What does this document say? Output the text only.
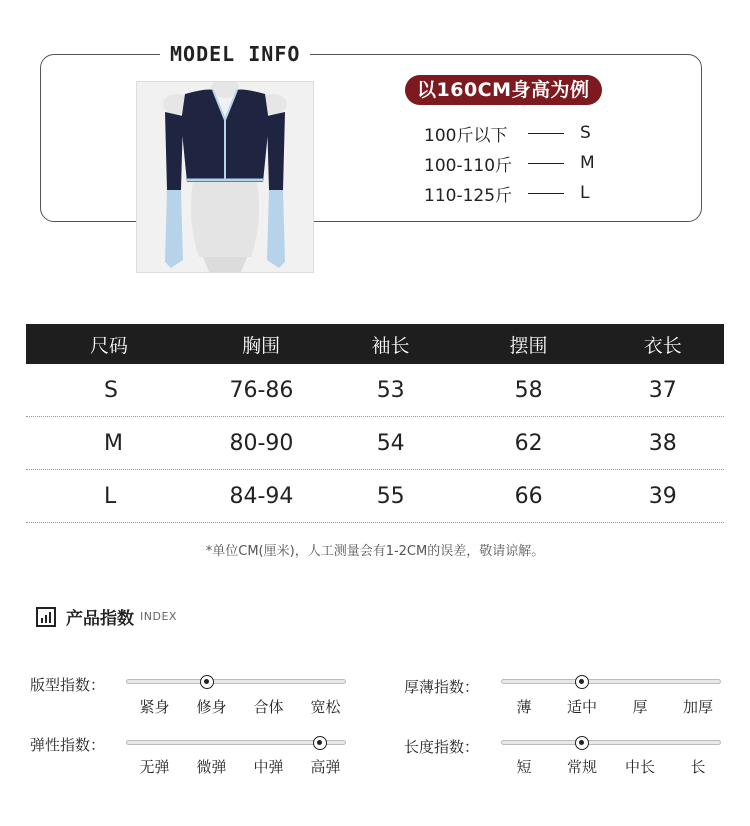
MODEL INFO
以160CM身高为例
100斤以下	S
100-110斤	M
110-125斤	L
尺码	胸围	袖长	摆围	衣长
S	76-86	53	58	37
M	80-90	54	62	38
L	84-94	55	66	39
*单位CM(厘米)，人工测量会有1-2CM的误差，敬请谅解。
产品指数 INDEX
版型指数：
紧身	修身	合体	宽松
厚薄指数：
薄	适中	厚	加厚
弹性指数：
无弹	微弹	中弹	高弹
长度指数：
短	常规	中长	长
